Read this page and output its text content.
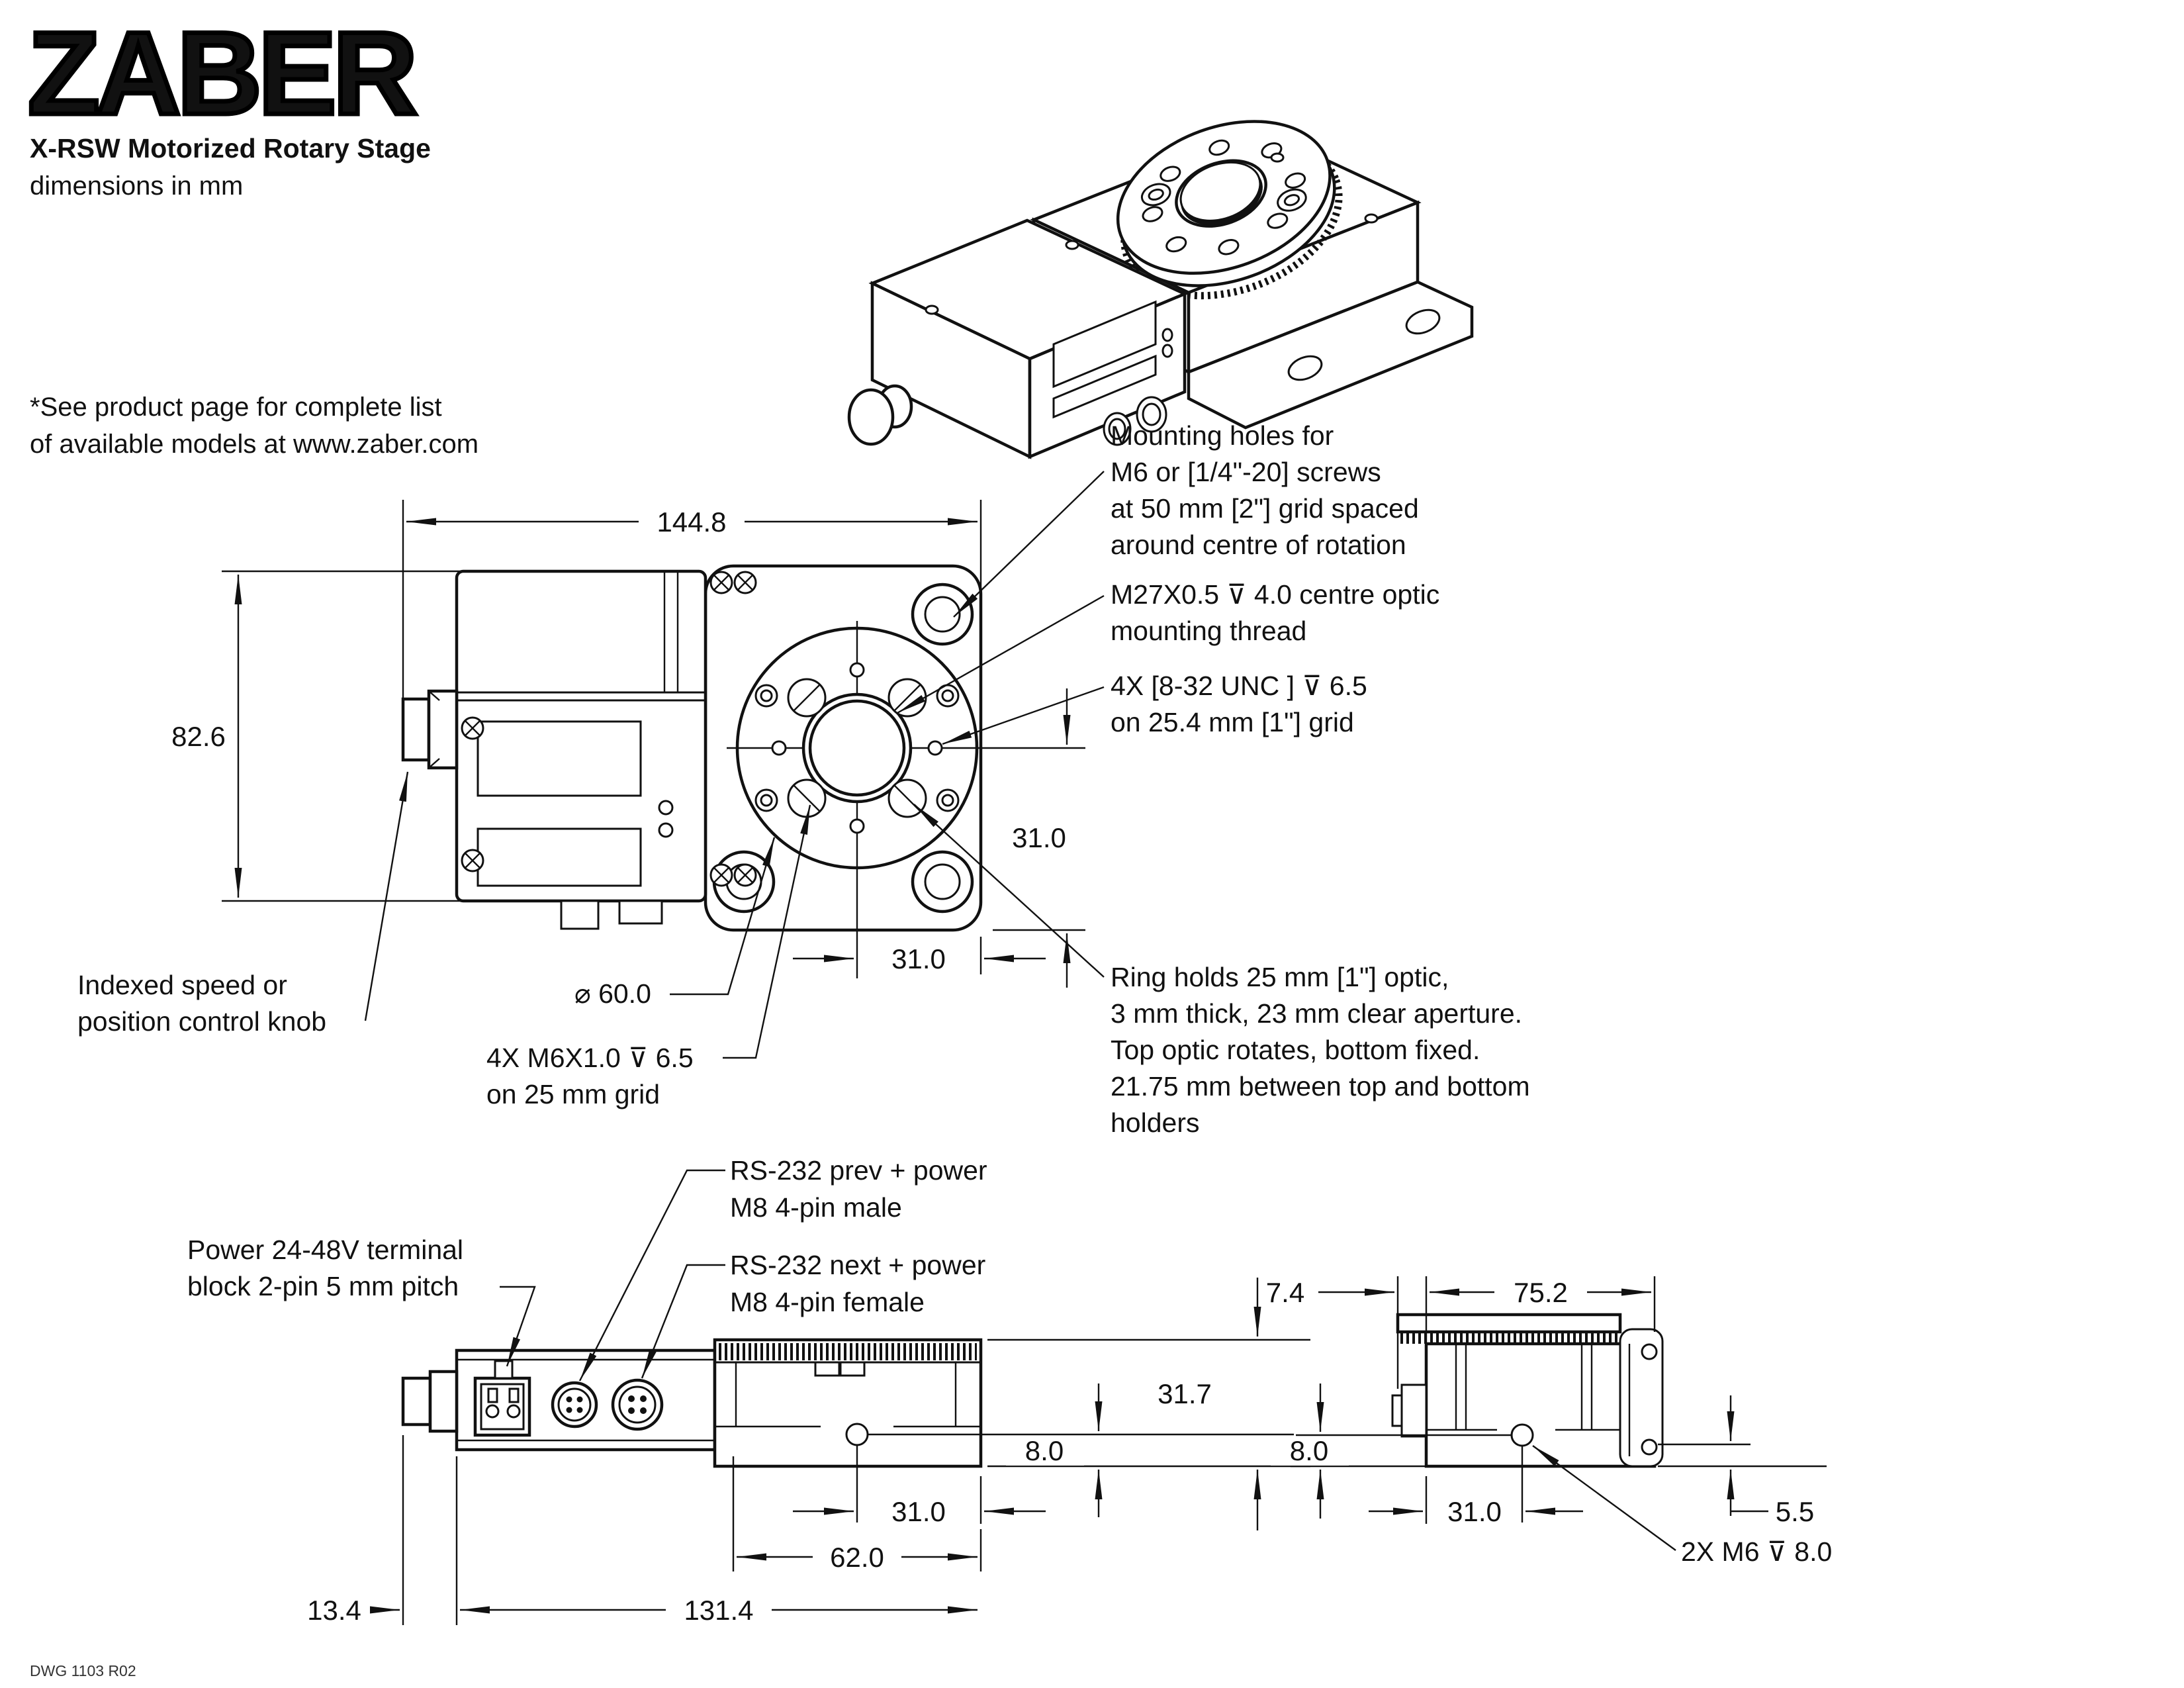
ZABER
X-RSW Motorized Rotary Stage
dimensions in mm
*See product page for complete list
of available models at www.zaber.com
144.8
82.6
31.0
31.0
Mounting holes for
M6 or [1/4"-20] screws
at 50 mm [2"] grid spaced
around centre of rotation
M27X0.5 ⊽ 4.0 centre optic
mounting thread
4X [8-32 UNC ] ⊽ 6.5
on 25.4 mm [1"] grid
Ring holds 25 mm [1"] optic,
3 mm thick, 23 mm clear aperture.
Top optic rotates, bottom fixed.
21.75 mm between top and bottom
holders
Indexed speed or
position control knob
⌀ 60.0
4X M6X1.0 ⊽ 6.5
on 25 mm grid
Power 24-48V terminal
block 2-pin 5 mm pitch
RS-232 prev + power
M8 4-pin male
RS-232 next + power
M8 4-pin female
31.7
8.0
31.0
62.0
13.4	131.4
7.4	75.2
8.0
31.0	5.5
2X M6 ⊽ 8.0
DWG 1103 R02
